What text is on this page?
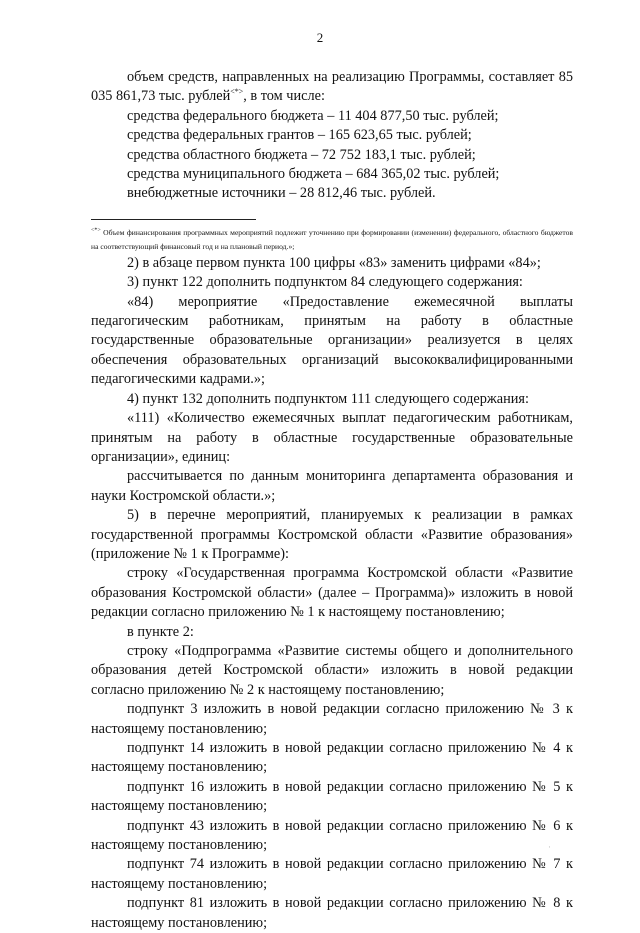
2

объем средств, направленных на реализацию Программы, составляет 85 035 861,73 тыс. рублей<*>, в том числе:

средства федерального бюджета – 11 404 877,50 тыс. рублей;

средства федеральных грантов – 165 623,65 тыс. рублей;

средства областного бюджета – 72 752 183,1 тыс. рублей;

средства муниципального бюджета – 684 365,02 тыс. рублей;

внебюджетные источники – 28 812,46 тыс. рублей.

<*> Объем финансирования программных мероприятий подлежит уточнению при формировании (изменении) федерального, областного бюджетов на соответствующий финансовый год и на плановый период.»;

2) в абзаце первом пункта 100 цифры «83» заменить цифрами «84»;

3) пункт 122 дополнить подпунктом 84 следующего содержания:

«84) мероприятие «Предоставление ежемесячной выплаты педагогическим работникам, принятым на работу в областные государственные образовательные организации» реализуется в целях обеспечения образовательных организаций высококвалифицированными педагогическими кадрами.»;

4) пункт 132 дополнить подпунктом 111 следующего содержания:

«111) «Количество ежемесячных выплат педагогическим работникам, принятым на работу в областные государственные образовательные организации», единиц:

рассчитывается по данным мониторинга департамента образования и науки Костромской области.»;

5) в перечне мероприятий, планируемых к реализации в рамках государственной программы Костромской области «Развитие образования» (приложение № 1 к Программе):

строку «Государственная программа Костромской области «Развитие образования Костромской области» (далее – Программа)» изложить в новой редакции согласно приложению № 1 к настоящему постановлению;

в пункте 2:

строку «Подпрограмма «Развитие системы общего и дополнительного образования детей Костромской области» изложить в новой редакции согласно приложению № 2 к настоящему постановлению;

подпункт 3 изложить в новой редакции согласно приложению № 3 к настоящему постановлению;

подпункт 14 изложить в новой редакции согласно приложению № 4 к настоящему постановлению;

подпункт 16 изложить в новой редакции согласно приложению № 5 к настоящему постановлению;

подпункт 43 изложить в новой редакции согласно приложению № 6 к настоящему постановлению;

подпункт 74 изложить в новой редакции согласно приложению № 7 к настоящему постановлению;

подпункт 81 изложить в новой редакции согласно приложению № 8 к настоящему постановлению;

·
